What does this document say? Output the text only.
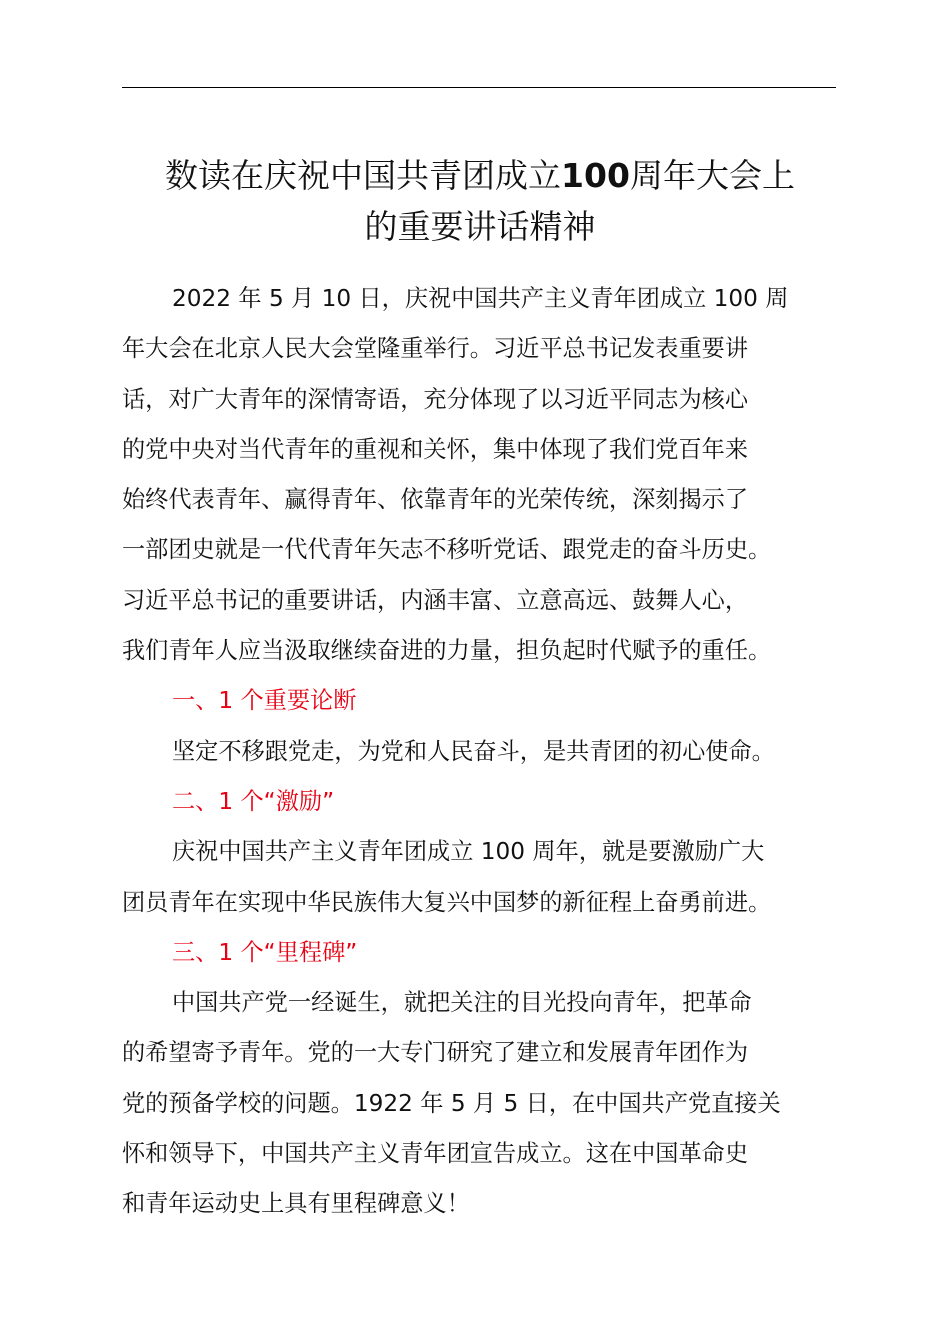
数读在庆祝中国共青团成立100周年大会上
的重要讲话精神
2022 年 5 月 10 日，庆祝中国共产主义青年团成立 100 周
年大会在北京人民大会堂隆重举行。习近平总书记发表重要讲
话，对广大青年的深情寄语，充分体现了以习近平同志为核心
的党中央对当代青年的重视和关怀，集中体现了我们党百年来
始终代表青年、赢得青年、依靠青年的光荣传统，深刻揭示了
一部团史就是一代代青年矢志不移听党话、跟党走的奋斗历史。
习近平总书记的重要讲话，内涵丰富、立意高远、鼓舞人心，
我们青年人应当汲取继续奋进的力量，担负起时代赋予的重任。

一、1 个重要论断

坚定不移跟党走，为党和人民奋斗，是共青团的初心使命。

二、1 个“激励”

庆祝中国共产主义青年团成立 100 周年，就是要激励广大
团员青年在实现中华民族伟大复兴中国梦的新征程上奋勇前进。

三、1 个“里程碑”

中国共产党一经诞生，就把关注的目光投向青年，把革命
的希望寄予青年。党的一大专门研究了建立和发展青年团作为
党的预备学校的问题。1922 年 5 月 5 日，在中国共产党直接关
怀和领导下，中国共产主义青年团宣告成立。这在中国革命史
和青年运动史上具有里程碑意义！
